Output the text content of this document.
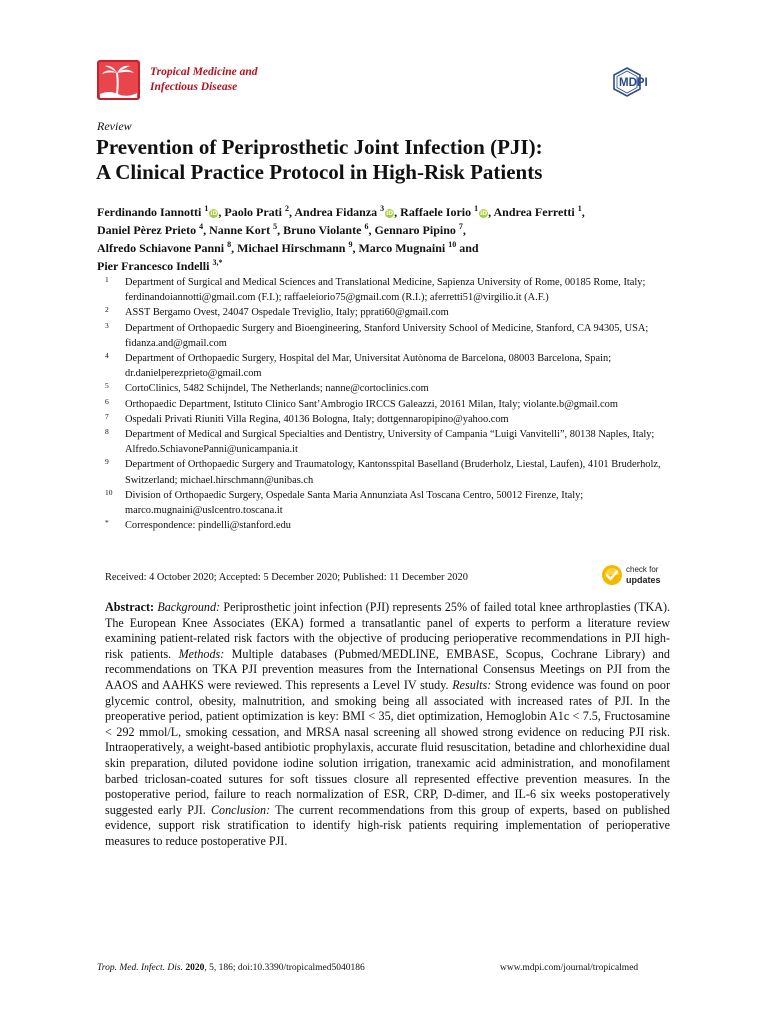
Tropical Medicine and
Infectious Disease	MDPI
Review
Prevention of Periprosthetic Joint Infection (PJI):
A Clinical Practice Protocol in High-Risk Patients
Ferdinando Iannotti $^1$iD, Paolo Prati $^2$, Andrea Fidanza $^3$iD, Raffaele Iorio $^1$iD, Andrea Ferretti $^1$,
Daniel Pèrez Prieto $^4$, Nanne Kort $^5$, Bruno Violante $^6$, Gennaro Pipino $^7$,
Alfredo Schiavone Panni $^8$, Michael Hirschmann $^9$, Marco Mugnaini $^{10}$ and
Pier Francesco Indelli $^{3,*}$
1 Department of Surgical and Medical Sciences and Translational Medicine, Sapienza University of Rome, 00185 Rome, Italy; ferdinandoiannotti@gmail.com (F.I.); raffaeleiorio75@gmail.com (R.I.); aferretti51@virgilio.it (A.F.)
2 ASST Bergamo Ovest, 24047 Ospedale Treviglio, Italy; pprati60@gmail.com
3 Department of Orthopaedic Surgery and Bioengineering, Stanford University School of Medicine, Stanford, CA 94305, USA; fidanza.and@gmail.com
4 Department of Orthopaedic Surgery, Hospital del Mar, Universitat Autònoma de Barcelona, 08003 Barcelona, Spain; dr.danielperezprieto@gmail.com
5 CortoClinics, 5482 Schijndel, The Netherlands; nanne@cortoclinics.com
6 Orthopaedic Department, Istituto Clinico Sant’Ambrogio IRCCS Galeazzi, 20161 Milan, Italy; violante.b@gmail.com
7 Ospedali Privati Riuniti Villa Regina, 40136 Bologna, Italy; dottgennaropipino@yahoo.com
8 Department of Medical and Surgical Specialties and Dentistry, University of Campania “Luigi Vanvitelli”, 80138 Naples, Italy; Alfredo.SchiavonePanni@unicampania.it
9 Department of Orthopaedic Surgery and Traumatology, Kantonsspital Baselland (Bruderholz, Liestal, Laufen), 4101 Bruderholz, Switzerland; michael.hirschmann@unibas.ch
10 Division of Orthopaedic Surgery, Ospedale Santa Maria Annunziata Asl Toscana Centro, 50012 Firenze, Italy; marco.mugnaini@uslcentro.toscana.it
* Correspondence: pindelli@stanford.edu
Received: 4 October 2020; Accepted: 5 December 2020; Published: 11 December 2020
check for
updates

Abstract: Background: Periprosthetic joint infection (PJI) represents 25% of failed total knee arthroplasties (TKA). The European Knee Associates (EKA) formed a transatlantic panel of experts to perform a literature review examining patient-related risk factors with the objective of producing perioperative recommendations in PJI high-risk patients. Methods: Multiple databases (Pubmed/MEDLINE, EMBASE, Scopus, Cochrane Library) and recommendations on TKA PJI prevention measures from the International Consensus Meetings on PJI from the AAOS and AAHKS were reviewed. This represents a Level IV study. Results: Strong evidence was found on poor glycemic control, obesity, malnutrition, and smoking being all associated with increased rates of PJI. In the preoperative period, patient optimization is key: BMI < 35, diet optimization, Hemoglobin A1c < 7.5, Fructosamine < 292 mmol/L, smoking cessation, and MRSA nasal screening all showed strong evidence on reducing PJI risk. Intraoperatively, a weight-based antibiotic prophylaxis, accurate fluid resuscitation, betadine and chlorhexidine dual skin preparation, diluted povidone iodine solution irrigation, tranexamic acid administration, and monofilament barbed triclosan-coated sutures for soft tissues closure all represented effective prevention measures. In the postoperative period, failure to reach normalization of ESR, CRP, D-dimer, and IL-6 six weeks postoperatively suggested early PJI. Conclusion: The current recommendations from this group of experts, based on published evidence, support risk stratification to identify high-risk patients requiring implementation of perioperative measures to reduce postoperative PJI.

Trop. Med. Infect. Dis. 2020, 5, 186; doi:10.3390/tropicalmed5040186	www.mdpi.com/journal/tropicalmed
